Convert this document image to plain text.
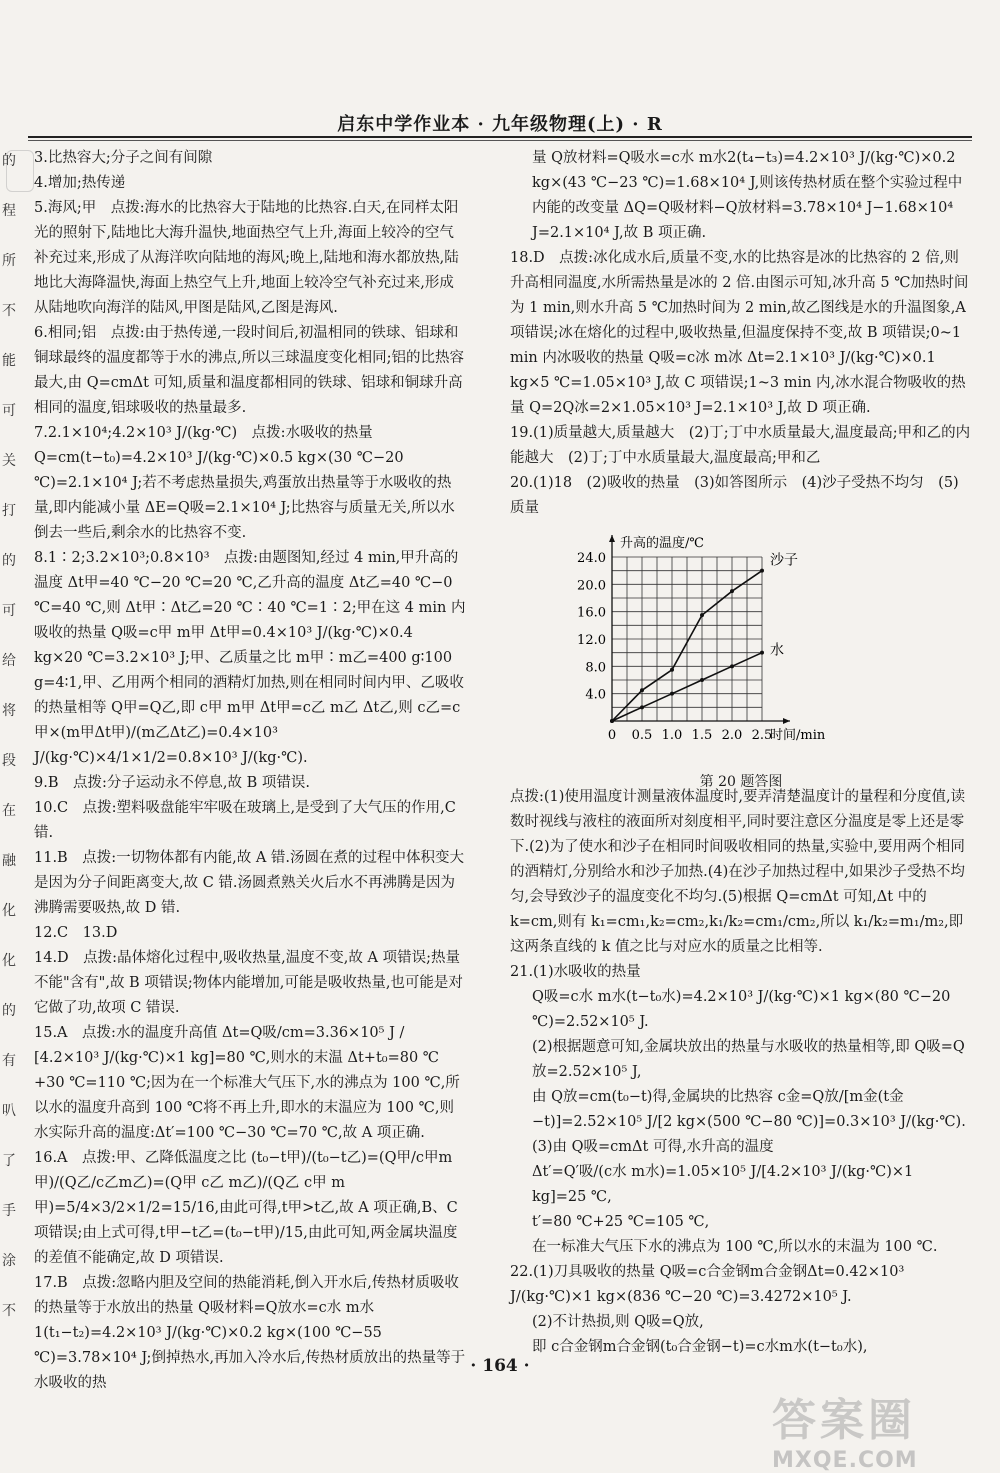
启东中学作业本 · 九年级物理(上) · R
的
程
所
不
能
可
关
打
的
可
给
将
段
在
融
化
化
的
有
叭
了
手
涂
不

3.比热容大;分子之间有间隙

4.增加;热传递

5.海风;甲　点拨:海水的比热容大于陆地的比热容.白天,在同样太阳光的照射下,陆地比大海升温快,地面热空气上升,海面上较冷的空气补充过来,形成了从海洋吹向陆地的海风;晚上,陆地和海水都放热,陆地比大海降温快,海面上热空气上升,地面上较冷空气补充过来,形成从陆地吹向海洋的陆风,甲图是陆风,乙图是海风.

6.相同;铝　点拨:由于热传递,一段时间后,初温相同的铁球、铝球和铜球最终的温度都等于水的沸点,所以三球温度变化相同;铝的比热容最大,由 Q=cmΔt 可知,质量和温度都相同的铁球、铝球和铜球升高相同的温度,铝球吸收的热量最多.

7.2.1×10⁴;4.2×10³ J/(kg·℃)　点拨:水吸收的热量 Q=cm(t−t₀)=4.2×10³ J/(kg·℃)×0.5 kg×(30 ℃−20 ℃)=2.1×10⁴ J;若不考虑热量损失,鸡蛋放出热量等于水吸收的热量,即内能减小量 ΔE=Q吸=2.1×10⁴ J;比热容与质量无关,所以水倒去一些后,剩余水的比热容不变.

8.1∶2;3.2×10³;0.8×10³　点拨:由题图知,经过 4 min,甲升高的温度 Δt甲=40 ℃−20 ℃=20 ℃,乙升高的温度 Δt乙=40 ℃−0 ℃=40 ℃,则 Δt甲∶Δt乙=20 ℃∶40 ℃=1∶2;甲在这 4 min 内吸收的热量 Q吸=c甲 m甲 Δt甲=0.4×10³ J/(kg·℃)×0.4 kg×20 ℃=3.2×10³ J;甲、乙质量之比 m甲∶m乙=400 g∶100 g=4∶1,甲、乙用两个相同的酒精灯加热,则在相同时间内甲、乙吸收的热量相等 Q甲=Q乙,即 c甲 m甲 Δt甲=c乙 m乙 Δt乙,则 c乙=c甲×(m甲Δt甲)/(m乙Δt乙)=0.4×10³ J/(kg·℃)×4/1×1/2=0.8×10³ J/(kg·℃).

9.B　点拨:分子运动永不停息,故 B 项错误.

10.C　点拨:塑料吸盘能牢牢吸在玻璃上,是受到了大气压的作用,C 错.

11.B　点拨:一切物体都有内能,故 A 错.汤圆在煮的过程中体积变大是因为分子间距离变大,故 C 错.汤圆煮熟关火后水不再沸腾是因为沸腾需要吸热,故 D 错.

12.C　13.D

14.D　点拨:晶体熔化过程中,吸收热量,温度不变,故 A 项错误;热量不能"含有",故 B 项错误;物体内能增加,可能是吸收热量,也可能是对它做了功,故项 C 错误.

15.A　点拨:水的温度升高值 Δt=Q吸/cm=3.36×10⁵ J / [4.2×10³ J/(kg·℃)×1 kg]=80 ℃,则水的末温 Δt+t₀=80 ℃+30 ℃=110 ℃;因为在一个标准大气压下,水的沸点为 100 ℃,所以水的温度升高到 100 ℃将不再上升,即水的末温应为 100 ℃,则水实际升高的温度:Δt′=100 ℃−30 ℃=70 ℃,故 A 项正确.

16.A　点拨:甲、乙降低温度之比 (t₀−t甲)/(t₀−t乙)=(Q甲/c甲m甲)/(Q乙/c乙m乙)=(Q甲 c乙 m乙)/(Q乙 c甲 m甲)=5/4×3/2×1/2=15/16,由此可得,t甲>t乙,故 A 项正确,B、C 项错误;由上式可得,t甲−t乙=(t₀−t甲)/15,由此可知,两金属块温度的差值不能确定,故 D 项错误.

17.B　点拨:忽略内胆及空间的热能消耗,倒入开水后,传热材质吸收的热量等于水放出的热量 Q吸材料=Q放水=c水 m水1(t₁−t₂)=4.2×10³ J/(kg·℃)×0.2 kg×(100 ℃−55 ℃)=3.78×10⁴ J;倒掉热水,再加入冷水后,传热材质放出的热量等于水吸收的热

量 Q放材料=Q吸水=c水 m水2(t₄−t₃)=4.2×10³ J/(kg·℃)×0.2 kg×(43 ℃−23 ℃)=1.68×10⁴ J,则该传热材质在整个实验过程中内能的改变量 ΔQ=Q吸材料−Q放材料=3.78×10⁴ J−1.68×10⁴ J=2.1×10⁴ J,故 B 项正确.

18.D　点拨:冰化成水后,质量不变,水的比热容是冰的比热容的 2 倍,则升高相同温度,水所需热量是冰的 2 倍.由图示可知,冰升高 5 ℃加热时间为 1 min,则水升高 5 ℃加热时间为 2 min,故乙图线是水的升温图象,A 项错误;冰在熔化的过程中,吸收热量,但温度保持不变,故 B 项错误;0~1 min 内冰吸收的热量 Q吸=c冰 m冰 Δt=2.1×10³ J/(kg·℃)×0.1 kg×5 ℃=1.05×10³ J,故 C 项错误;1~3 min 内,冰水混合物吸收的热量 Q=2Q冰=2×1.05×10³ J=2.1×10³ J,故 D 项正确.

19.(1)质量越大,质量越大　(2)丁;丁中水质量最大,温度最高;甲和乙的内能越大　(2)丁;丁中水质量最大,温度最高;甲和乙

20.(1)18　(2)吸收的热量　(3)如答图所示　(4)沙子受热不均匀　(5)质量

4.0
8.0
12.0
16.0
20.0
24.0
0 0.5 1.0 1.5 2.0 2.5
升高的温度/℃
时间/min
沙子
水
第 20 题答图

点拨:(1)使用温度计测量液体温度时,要弄清楚温度计的量程和分度值,读数时视线与液柱的液面所对刻度相平,同时要注意区分温度是零上还是零下.(2)为了使水和沙子在相同时间吸收相同的热量,实验中,要用两个相同的酒精灯,分别给水和沙子加热.(4)在沙子加热过程中,如果沙子受热不均匀,会导致沙子的温度变化不均匀.(5)根据 Q=cmΔt 可知,Δt 中的 k=cm,则有 k₁=cm₁,k₂=cm₂,k₁/k₂=cm₁/cm₂,所以 k₁/k₂=m₁/m₂,即这两条直线的 k 值之比与对应水的质量之比相等.

21.(1)水吸收的热量

Q吸=c水 m水(t−t₀水)=4.2×10³ J/(kg·℃)×1 kg×(80 ℃−20 ℃)=2.52×10⁵ J.

(2)根据题意可知,金属块放出的热量与水吸收的热量相等,即 Q吸=Q放=2.52×10⁵ J,

由 Q放=cm(t₀−t)得,金属块的比热容 c金=Q放/[m金(t金−t)]=2.52×10⁵ J/[2 kg×(500 ℃−80 ℃)]=0.3×10³ J/(kg·℃).

(3)由 Q吸=cmΔt 可得,水升高的温度

Δt′=Q′吸/(c水 m水)=1.05×10⁵ J/[4.2×10³ J/(kg·℃)×1 kg]=25 ℃,

t′=80 ℃+25 ℃=105 ℃,

在一标准大气压下水的沸点为 100 ℃,所以水的末温为 100 ℃.

22.(1)刀具吸收的热量 Q吸=c合金钢m合金钢Δt=0.42×10³ J/(kg·℃)×1 kg×(836 ℃−20 ℃)=3.4272×10⁵ J.

(2)不计热损,则 Q吸=Q放,

即 c合金钢m合金钢(t₀合金钢−t)=c水m水(t−t₀水),

· 164 ·
答案圈
MXQE.COM
